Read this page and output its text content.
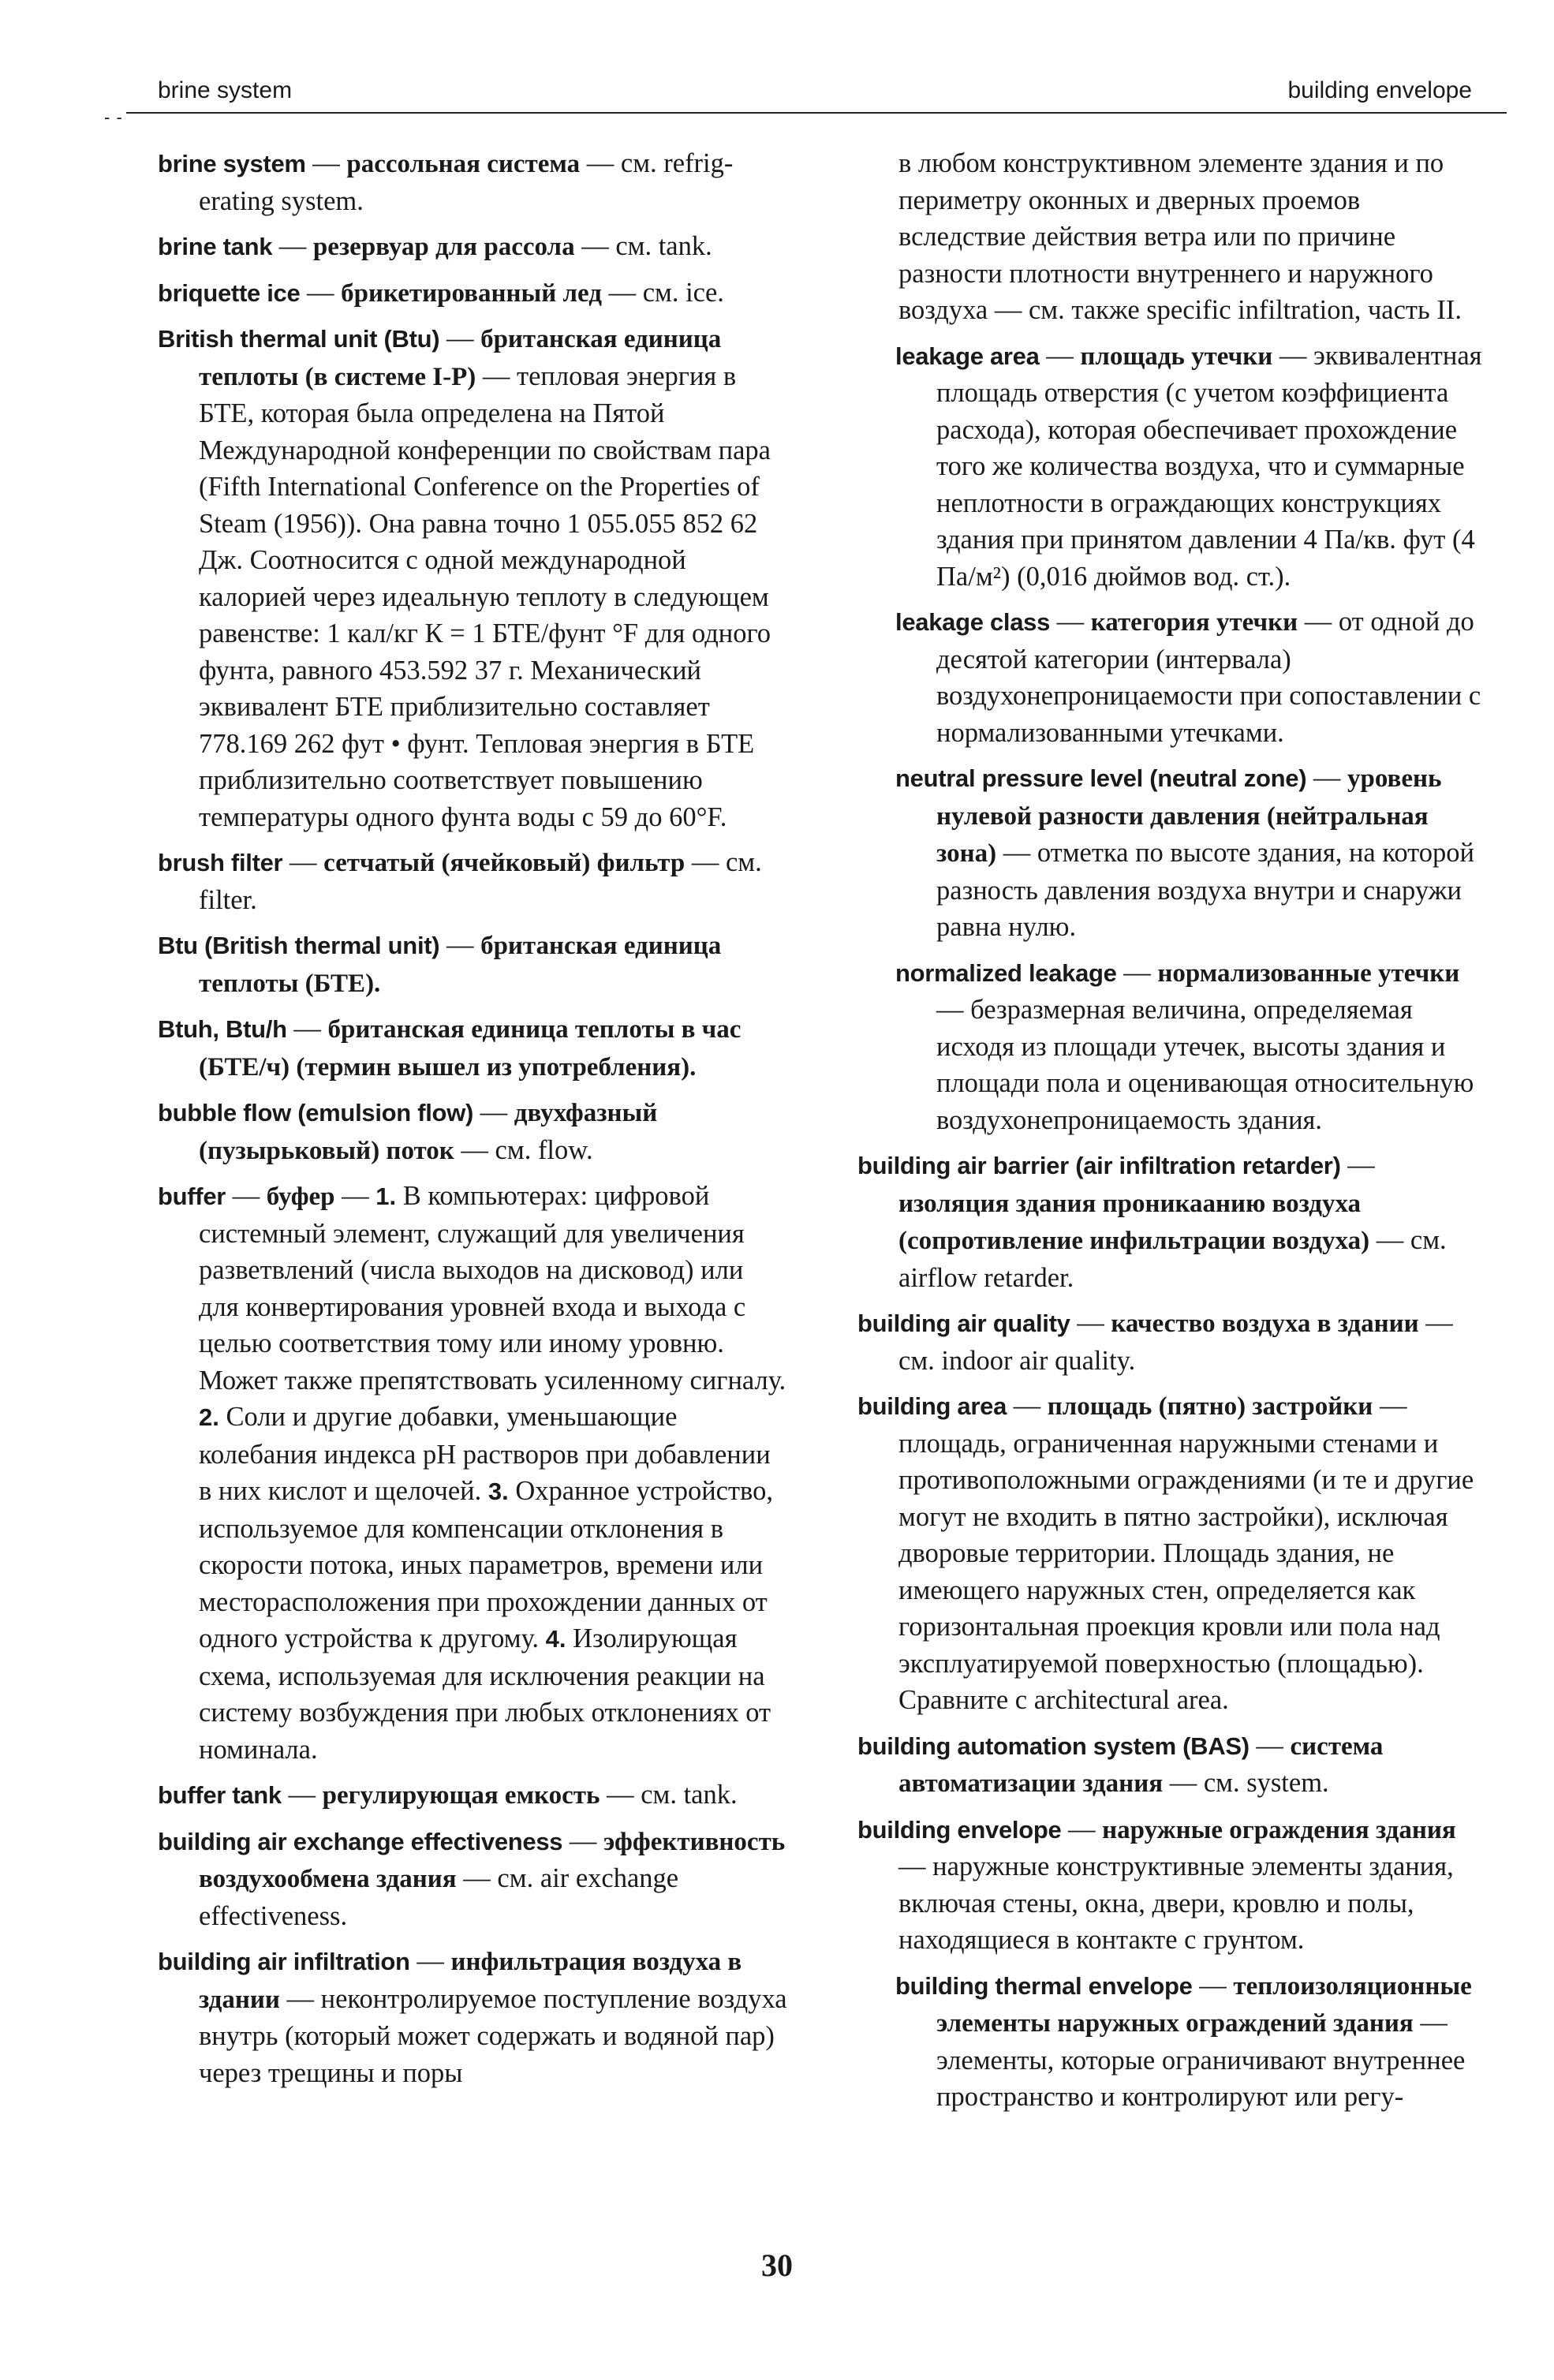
- -
brine system	building envelope

brine system — рассольная система — см. refrig-erating system.

brine tank — резервуар для рассола — см. tank.

briquette ice — брикетированный лед — см. ice.

British thermal unit (Btu) — британская единица теплоты (в системе I-P) — тепловая энергия в БТЕ, которая была определена на Пятой Международной конференции по свойствам пара (Fifth International Conference on the Properties of Steam (1956)). Она равна точно 1 055.055 852 62 Дж. Соотносится с одной международной калорией через идеальную теплоту в следующем равенстве: 1 кал/кг К = 1 БТЕ/фунт °F для одного фунта, равного 453.592 37 г. Механический эквивалент БТЕ приблизительно составляет 778.169 262 фут • фунт. Тепловая энергия в БТЕ приблизительно соответствует повышению температуры одного фунта воды с 59 до 60°F.

brush filter — сетчатый (ячейковый) фильтр — см. filter.

Btu (British thermal unit) — британская единица теплоты (БТЕ).

Btuh, Btu/h — британская единица теплоты в час (БТЕ/ч) (термин вышел из употребления).

bubble flow (emulsion flow) — двухфазный (пузырьковый) поток — см. flow.

buffer — буфер — 1. В компьютерах: цифровой системный элемент, служащий для увеличения разветвлений (числа выходов на дисковод) или для конвертирования уровней входа и выхода с целью соответствия тому или иному уровню. Может также препятствовать усиленному сигналу. 2. Соли и другие добавки, уменьшающие колебания индекса pH растворов при добавлении в них кислот и щелочей. 3. Охранное устройство, используемое для компенсации отклонения в скорости потока, иных параметров, времени или месторасположения при прохождении данных от одного устройства к другому. 4. Изолирующая схема, используемая для исключения реакции на систему возбуждения при любых отклонениях от номинала.

buffer tank — регулирующая емкость — см. tank.

building air exchange effectiveness — эффективность воздухообмена здания — см. air exchange effectiveness.

building air infiltration — инфильтрация воздуха в здании — неконтролируемое поступление воздуха внутрь (который может содержать и водяной пар) через трещины и поры

в любом конструктивном элементе здания и по периметру оконных и дверных проемов вследствие действия ветра или по причине разности плотности внутреннего и наружного воздуха — см. также specific infiltration, часть II.

leakage area — площадь утечки — эквивалентная площадь отверстия (с учетом коэффициента расхода), которая обеспечивает прохождение того же количества воздуха, что и суммарные неплотности в ограждающих конструкциях здания при принятом давлении 4 Па/кв. фут (4 Па/м²) (0,016 дюймов вод. ст.).

leakage class — категория утечки — от одной до десятой категории (интервала) воздухонепроницаемости при сопоставлении с нормализованными утечками.

neutral pressure level (neutral zone) — уровень нулевой разности давления (нейтральная зона) — отметка по высоте здания, на которой разность давления воздуха внутри и снаружи равна нулю.

normalized leakage — нормализованные утечки — безразмерная величина, определяемая исходя из площади утечек, высоты здания и площади пола и оценивающая относительную воздухонепроницаемость здания.

building air barrier (air infiltration retarder) — изоляция здания проникаанию воздуха (сопротивление инфильтрации воздуха) — см. airflow retarder.

building air quality — качество воздуха в здании — см. indoor air quality.

building area — площадь (пятно) застройки — площадь, ограниченная наружными стенами и противоположными ограждениями (и те и другие могут не входить в пятно застройки), исключая дворовые территории. Площадь здания, не имеющего наружных стен, определяется как горизонтальная проекция кровли или пола над эксплуатируемой поверхностью (площадью). Сравните с architectural area.

building automation system (BAS) — система автоматизации здания — см. system.

building envelope — наружные ограждения здания — наружные конструктивные элементы здания, включая стены, окна, двери, кровлю и полы, находящиеся в контакте с грунтом.

building thermal envelope — теплоизоляционные элементы наружных ограждений здания — элементы, которые ограничивают внутреннее пространство и контролируют или регу-

30
